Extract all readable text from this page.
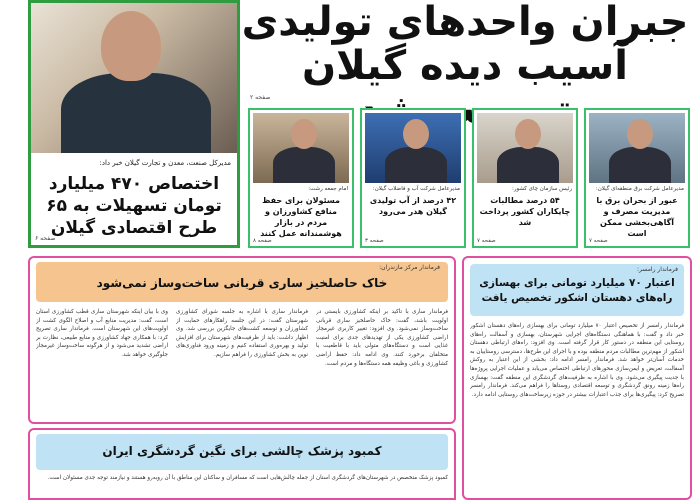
جبران واحدهای تولیدی
آسیب دیده گیلان
صفحه ۲
مدیرکل صنعت، معدن و تجارت گیلان خبر داد:
اختصاص ۴۷۰ میلیارد تومان تسهیلات به ۶۵ طرح اقتصادی گیلان
صفحه ۶
مدیرعامل شرکت برق منطقه‌ای گیلان:
عبور از بحران برق با مدیریت مصرف و آگاهی‌بخشی ممکن است
صفحه ۷
رئیس سازمان چای کشور:
۵۴ درصد مطالبات چایکاران کشور پرداخت شد
صفحه ۷
مدیرعامل شرکت آب و فاضلاب گیلان:
۴۲ درصد از آب تولیدی گیلان هدر می‌رود
صفحه ۳
امام جمعه رشت:
مسئولان برای حفظ منافع کشاورزان و مردم در بازار هوشمندانه عمل کنند
صفحه ۸
فرماندار رامسر:
اعتبار ۷۰ میلیارد تومانی برای بهسازی راه‌های دهستان اشکور تخصیص یافت
فرماندار رامسر از تخصیص اعتبار ۷۰ میلیارد تومانی برای بهسازی راه‌های دهستان اشکور خبر داد و گفت: با هماهنگی دستگاه‌های اجرایی شهرستان، بهسازی و آسفالت راه‌های روستایی این منطقه در دستور کار قرار گرفته است. وی افزود: راه‌های ارتباطی دهستان اشکور از مهم‌ترین مطالبات مردم منطقه بوده و با اجرای این طرح‌ها، دسترسی روستاییان به خدمات آسان‌تر خواهد شد. فرماندار رامسر ادامه داد: بخشی از این اعتبار به روکش آسفالت، تعریض و ایمن‌سازی محورهای ارتباطی اختصاص می‌یابد و عملیات اجرایی پروژه‌ها با جدیت پیگیری می‌شود. وی با اشاره به ظرفیت‌های گردشگری این منطقه گفت: بهسازی راه‌ها زمینه رونق گردشگری و توسعه اقتصادی روستاها را فراهم می‌کند. فرماندار رامسر تصریح کرد: پیگیری‌ها برای جذب اعتبارات بیشتر در حوزه زیرساخت‌های روستایی ادامه دارد.
فرماندار مرکز مازندران:
خاک حاصلخیز ساری قربانی ساخت‌وساز نمی‌شود
فرماندار ساری با تأکید بر اینکه کشاورزی بایستی در اولویت باشد، گفت: خاک حاصلخیز ساری قربانی ساخت‌وساز نمی‌شود. وی افزود: تغییر کاربری غیرمجاز اراضی کشاورزی یکی از تهدیدهای جدی برای امنیت غذایی است و دستگاه‌های متولی باید با قاطعیت با متخلفان برخورد کنند. وی ادامه داد: حفظ اراضی کشاورزی و باغی وظیفه همه دستگاه‌ها و مردم است.
فرماندار ساری با اشاره به جلسه شورای کشاورزی شهرستان گفت: در این جلسه راهکارهای حمایت از کشاورزان و توسعه کشت‌های جایگزین بررسی شد. وی اظهار داشت: باید از ظرفیت‌های شهرستان برای افزایش تولید و بهره‌وری استفاده کنیم و زمینه ورود فناوری‌های نوین به بخش کشاورزی را فراهم سازیم.
وی با بیان اینکه شهرستان ساری قطب کشاورزی استان است، گفت: مدیریت منابع آب و اصلاح الگوی کشت از اولویت‌های این شهرستان است. فرماندار ساری تصریح کرد: با همکاری جهاد کشاورزی و منابع طبیعی، نظارت بر اراضی تشدید می‌شود و از هرگونه ساخت‌وساز غیرمجاز جلوگیری خواهد شد.
کمبود پزشک چالشی برای نگین گردشگری ایران
کمبود پزشک متخصص در شهرستان‌های گردشگری استان از جمله چالش‌هایی است که مسافران و ساکنان این مناطق با آن روبه‌رو هستند و نیازمند توجه جدی مسئولان است.
